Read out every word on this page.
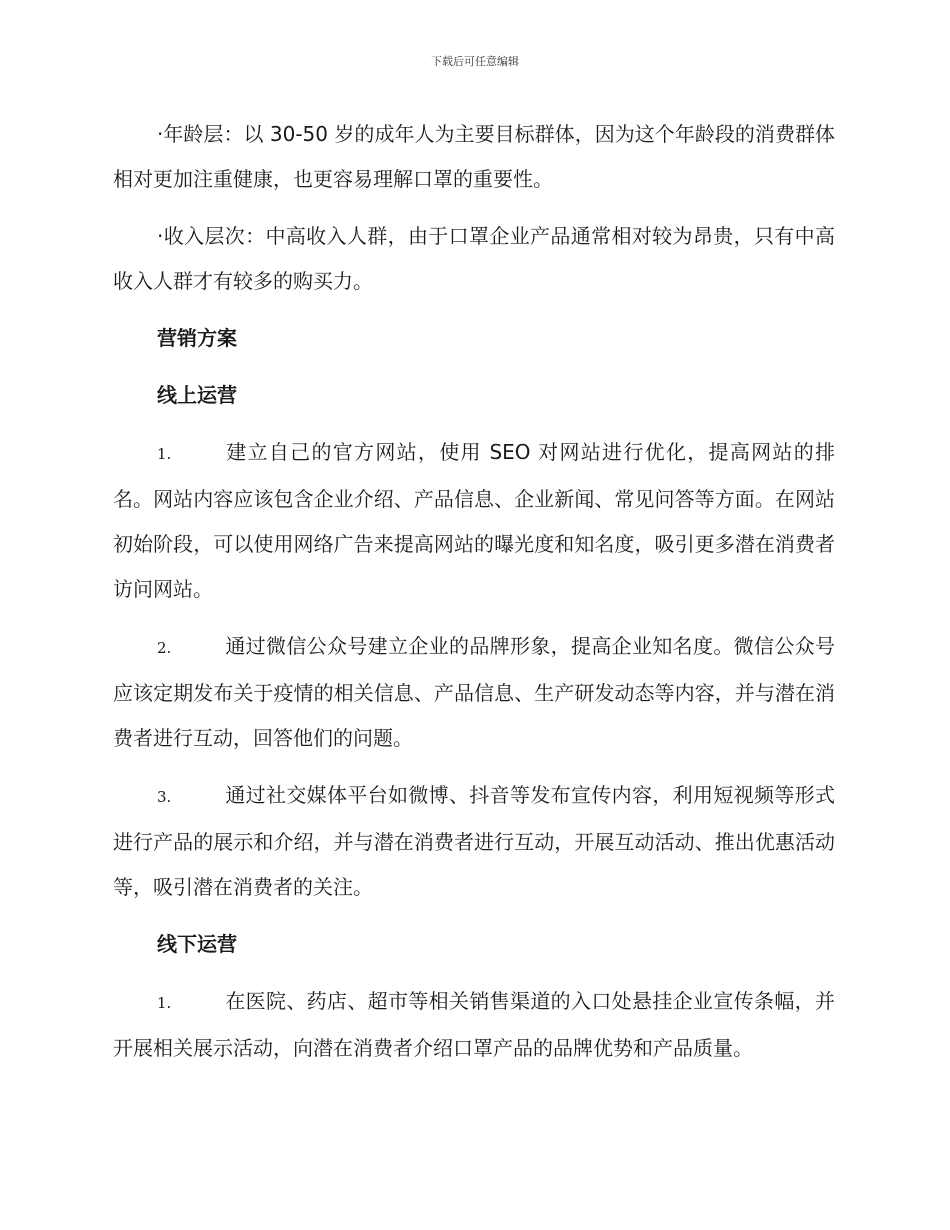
下载后可任意编辑

·年龄层：以 30-50 岁的成年人为主要目标群体，因为这个年龄段的消费群体相对更加注重健康，也更容易理解口罩的重要性。

·收入层次：中高收入人群，由于口罩企业产品通常相对较为昂贵，只有中高收入人群才有较多的购买力。

营销方案
线上运营

1.	建立自己的官方网站，使用 SEO 对网站进行优化，提高网站的排名。网站内容应该包含企业介绍、产品信息、企业新闻、常见问答等方面。在网站初始阶段，可以使用网络广告来提高网站的曝光度和知名度，吸引更多潜在消费者访问网站。

2.	通过微信公众号建立企业的品牌形象，提高企业知名度。微信公众号应该定期发布关于疫情的相关信息、产品信息、生产研发动态等内容，并与潜在消费者进行互动，回答他们的问题。

3.	通过社交媒体平台如微博、抖音等发布宣传内容，利用短视频等形式进行产品的展示和介绍，并与潜在消费者进行互动，开展互动活动、推出优惠活动等，吸引潜在消费者的关注。

线下运营

1.	在医院、药店、超市等相关销售渠道的入口处悬挂企业宣传条幅，并开展相关展示活动，向潜在消费者介绍口罩产品的品牌优势和产品质量。
